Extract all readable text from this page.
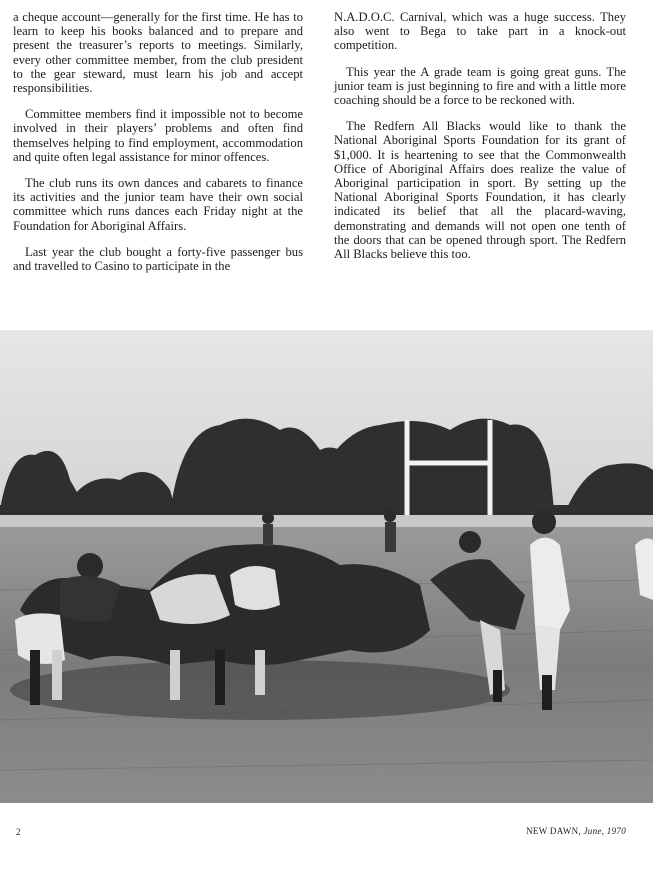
a cheque account—generally for the first time. He has to learn to keep his books balanced and to prepare and present the treasurer’s reports to meetings. Similarly, every other committee member, from the club president to the gear steward, must learn his job and accept responsibilities.

Committee members find it impossible not to become involved in their players’ problems and often find themselves helping to find employment, accommodation and quite often legal assistance for minor offences.

The club runs its own dances and cabarets to finance its activities and the junior team have their own social committee which runs dances each Friday night at the Foundation for Aboriginal Affairs.

Last year the club bought a forty-five passenger bus and travelled to Casino to participate in the

N.A.D.O.C. Carnival, which was a huge success. They also went to Bega to take part in a knock-out competition.

This year the A grade team is going great guns. The junior team is just beginning to fire and with a little more coaching should be a force to be reckoned with.

The Redfern All Blacks would like to thank the National Aboriginal Sports Foundation for its grant of $1,000. It is heartening to see that the Commonwealth Office of Aboriginal Affairs does realize the value of Aboriginal participation in sport. By setting up the National Aboriginal Sports Foundation, it has clearly indicated its belief that all the placard-waving, demonstrating and demands will not open one tenth of the doors that can be opened through sport. The Redfern All Blacks believe this too.

2	NEW DAWN, June, 1970
